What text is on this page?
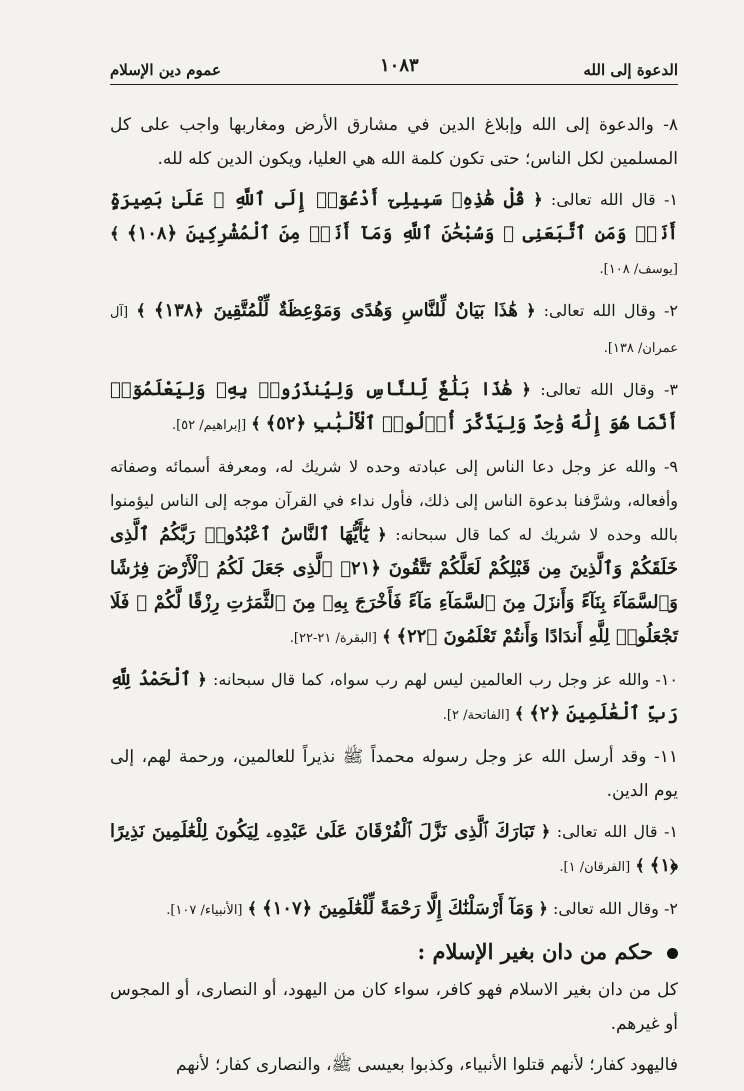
الدعوة إلى الله
١٠٨٣
عموم دين الإسلام

٨- والدعوة إلى الله وإبلاغ الدين في مشارق الأرض ومغاربها واجب على كل المسلمين لكل الناس؛ حتى تكون كلمة الله هي العليا، ويكون الدين كله لله.

١- قال الله تعالى: ﴿ قُلْ هَٰذِهِۦ سَبِيلِىٓ أَدْعُوٓا۟ إِلَى ٱللَّهِ ۚ عَلَىٰ بَصِيرَةٍ أَنَا۠ وَمَنِ ٱتَّبَعَنِى ۖ وَسُبْحَٰنَ ٱللَّهِ وَمَآ أَنَا۠ مِنَ ٱلْمُشْرِكِينَ ﴿١٠٨﴾ ﴾ [يوسف/ ١٠٨].

٢- وقال الله تعالى: ﴿ هَٰذَا بَيَانٌ لِّلنَّاسِ وَهُدًى وَمَوْعِظَةٌ لِّلْمُتَّقِينَ ﴿١٣٨﴾ ﴾ [آل عمران/ ١٣٨].

٣- وقال الله تعالى: ﴿ هَٰذَا بَلَٰغٌ لِّلنَّاسِ وَلِيُنذَرُوا۟ بِهِۦ وَلِيَعْلَمُوٓا۟ أَنَّمَا هُوَ إِلَٰهٌ وَٰحِدٌ وَلِيَذَّكَّرَ أُو۟لُوا۟ ٱلْأَلْبَٰبِ ﴿٥٢﴾ ﴾ [إبراهيم/ ٥٢].

٩- والله عز وجل دعا الناس إلى عبادته وحده لا شريك له، ومعرفة أسمائه وصفاته وأفعاله، وشرَّفنا بدعوة الناس إلى ذلك، فأول نداء في القرآن موجه إلى الناس ليؤمنوا بالله وحده لا شريك له كما قال سبحانه: ﴿ يَٰٓأَيُّهَا ٱلنَّاسُ ٱعْبُدُوا۟ رَبَّكُمُ ٱلَّذِى خَلَقَكُمْ وَٱلَّذِينَ مِن قَبْلِكُمْ لَعَلَّكُمْ تَتَّقُونَ ﴿٢١﴾ ٱلَّذِى جَعَلَ لَكُمُ ٱلْأَرْضَ فِرَٰشًا وَٱلسَّمَآءَ بِنَآءً وَأَنزَلَ مِنَ ٱلسَّمَآءِ مَآءً فَأَخْرَجَ بِهِۦ مِنَ ٱلثَّمَرَٰتِ رِزْقًا لَّكُمْ ۖ فَلَا تَجْعَلُوا۟ لِلَّهِ أَندَادًا وَأَنتُمْ تَعْلَمُونَ ﴿٢٢﴾ ﴾ [البقرة/ ٢١-٢٢].

١٠- والله عز وجل رب العالمين ليس لهم رب سواه، كما قال سبحانه: ﴿ ٱلْحَمْدُ لِلَّهِ رَبِّ ٱلْعَٰلَمِينَ ﴿٢﴾ ﴾ [الفاتحة/ ٢].

١١- وقد أرسل الله عز وجل رسوله محمداً ﷺ نذيراً للعالمين، ورحمة لهم، إلى يوم الدين.

١- قال الله تعالى: ﴿ تَبَارَكَ ٱلَّذِى نَزَّلَ ٱلْفُرْقَانَ عَلَىٰ عَبْدِهِۦ لِيَكُونَ لِلْعَٰلَمِينَ نَذِيرًا ﴿١﴾ ﴾ [الفرقان/ ١].

٢- وقال الله تعالى: ﴿ وَمَآ أَرْسَلْنَٰكَ إِلَّا رَحْمَةً لِّلْعَٰلَمِينَ ﴿١٠٧﴾ ﴾ [الأنبياء/ ١٠٧].

حكم من دان بغير الإسلام :

كل من دان بغير الاسلام فهو كافر، سواء كان من اليهود، أو النصارى، أو المجوس أو غيرهم.

فاليهود كفار؛ لأنهم قتلوا الأنبياء، وكذبوا بعيسى ﷺ، والنصارى كفار؛ لأنهم
